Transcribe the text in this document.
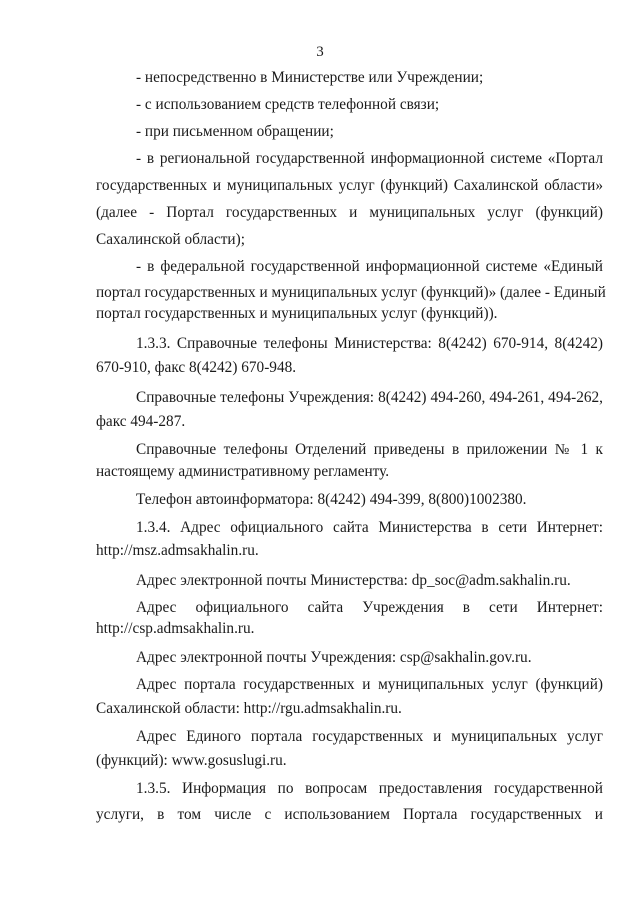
3
- непосредственно в Министерстве или Учреждении;
- с использованием средств телефонной связи;
- при письменном обращении;
- в региональной государственной информационной системе «Портал
государственных и муниципальных услуг (функций) Сахалинской области»
(далее - Портал государственных и муниципальных услуг (функций)
Сахалинской области);
- в федеральной государственной информационной системе «Единый
портал государственных и муниципальных услуг (функций)» (далее - Единый
портал государственных и муниципальных услуг (функций)).
1.3.3. Справочные телефоны Министерства: 8(4242) 670-914, 8(4242)
670-910, факс 8(4242) 670-948.
Справочные телефоны Учреждения: 8(4242) 494-260, 494-261, 494-262,
факс 494-287.
Справочные телефоны Отделений приведены в приложении № 1 к
настоящему административному регламенту.
Телефон автоинформатора: 8(4242) 494-399, 8(800)1002380.
1.3.4. Адрес официального сайта Министерства в сети Интернет:
http://msz.admsakhalin.ru.
Адрес электронной почты Министерства: dp_soc@adm.sakhalin.ru.
Адрес официального сайта Учреждения в сети Интернет:
http://csp.admsakhalin.ru.
Адрес электронной почты Учреждения: csp@sakhalin.gov.ru.
Адрес портала государственных и муниципальных услуг (функций)
Сахалинской области: http://rgu.admsakhalin.ru.
Адрес Единого портала государственных и муниципальных услуг
(функций): www.gosuslugi.ru.
1.3.5. Информация по вопросам предоставления государственной
услуги, в том числе с использованием Портала государственных и
